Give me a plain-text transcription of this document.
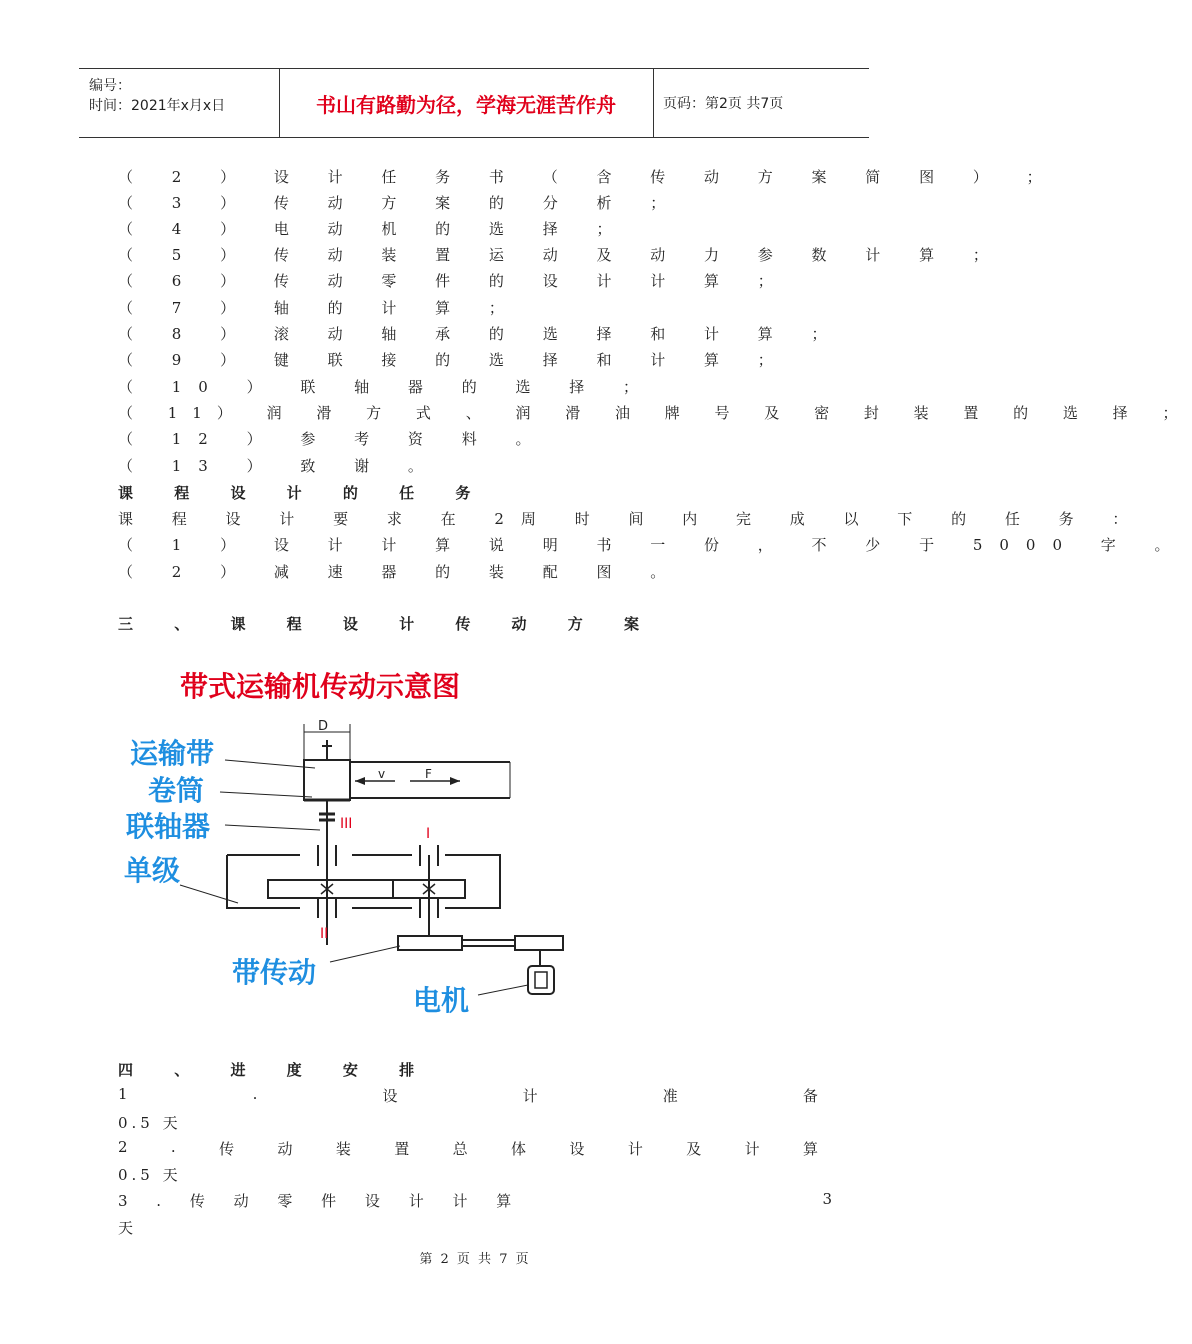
编号：
时间：2021年x月x日	书山有路勤为径，学海无涯苦作舟	页码：第2页 共7页
（ 2 ） 设 计 任 务 书 （ 含 传 动 方 案 简 图 ） ；
（ 3 ） 传 动 方 案 的 分 析 ；
（ 4 ） 电 动 机 的 选 择 ；
（ 5 ） 传 动 装 置 运 动 及 动 力 参 数 计 算 ；
（ 6 ） 传 动 零 件 的 设 计 计 算 ；
（ 7 ） 轴 的 计 算 ；
（ 8 ） 滚 动 轴 承 的 选 择 和 计 算 ；
（ 9 ） 键 联 接 的 选 择 和 计 算 ；
（ 10 ） 联 轴 器 的 选 择 ；
（ 11） 润 滑 方 式 、 润 滑 油 牌 号 及 密 封 装 置 的 选 择 ；
（ 12 ） 参 考 资 料 。
（ 13 ） 致 谢 。
课 程 设 计 的 任 务
课 程 设 计 要 求 在 2周 时 间 内 完 成 以 下 的 任 务 ：
（ 1 ） 设 计 计 算 说 明 书 一 份 ， 不 少 于 5000 字 。
（ 2 ） 减 速 器 的 装 配 图 。
三 、 课 程 设 计 传 动 方 案
带式运输机传动示意图
D
v	F
III
I
II
运输带
卷筒
联轴器
单级
带传动
电机
四 、 进 度 安 排
1	.	设	计	准	备
0.5 天
2	.	传	动	装	置	总	体	设	计	及	计	算
0.5 天
3 . 传 动 零 件 设 计 计 算	3
天
第 2 页 共 7 页
